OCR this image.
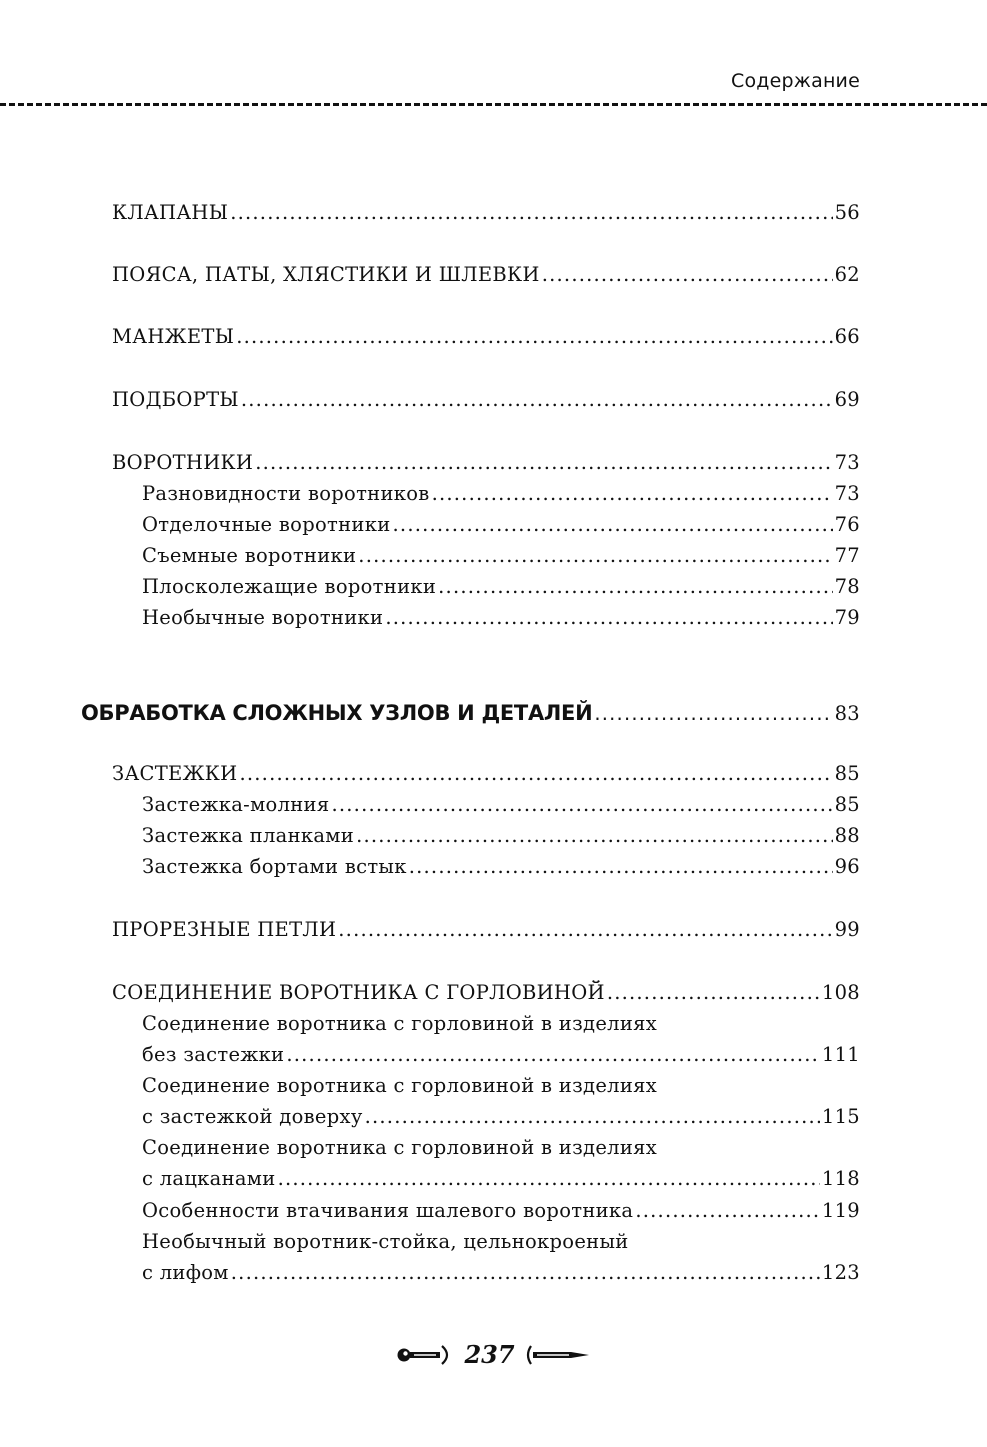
Содержание
КЛАПАНЫ .....	56
ПОЯСА, ПАТЫ, ХЛЯСТИКИ И ШЛЕВКИ .....	62
МАНЖЕТЫ .....	66
ПОДБОРТЫ .....	69
ВОРОТНИКИ .....	73
Разновидности воротников .....	73
Отделочные воротники .....	76
Съемные воротники .....	77
Плосколежащие воротники .....	78
Необычные воротники .....	79
ОБРАБОТКА СЛОЖНЫХ УЗЛОВ И ДЕТАЛЕЙ .....	83
ЗАСТЕЖКИ .....	85
Застежка-молния .....	85
Застежка планками .....	88
Застежка бортами встык .....	96
ПРОРЕЗНЫЕ ПЕТЛИ .....	99
СОЕДИНЕНИЕ ВОРОТНИКА С ГОРЛОВИНОЙ .....	108
Соединение воротника с горловиной в изделиях
без застежки .....	111
Соединение воротника с горловиной в изделиях
с застежкой доверху .....	115
Соединение воротника с горловиной в изделиях
с лацканами .....	118
Особенности втачивания шалевого воротника .....	119
Необычный воротник-стойка, цельнокроеный
с лифом .....	123
237
